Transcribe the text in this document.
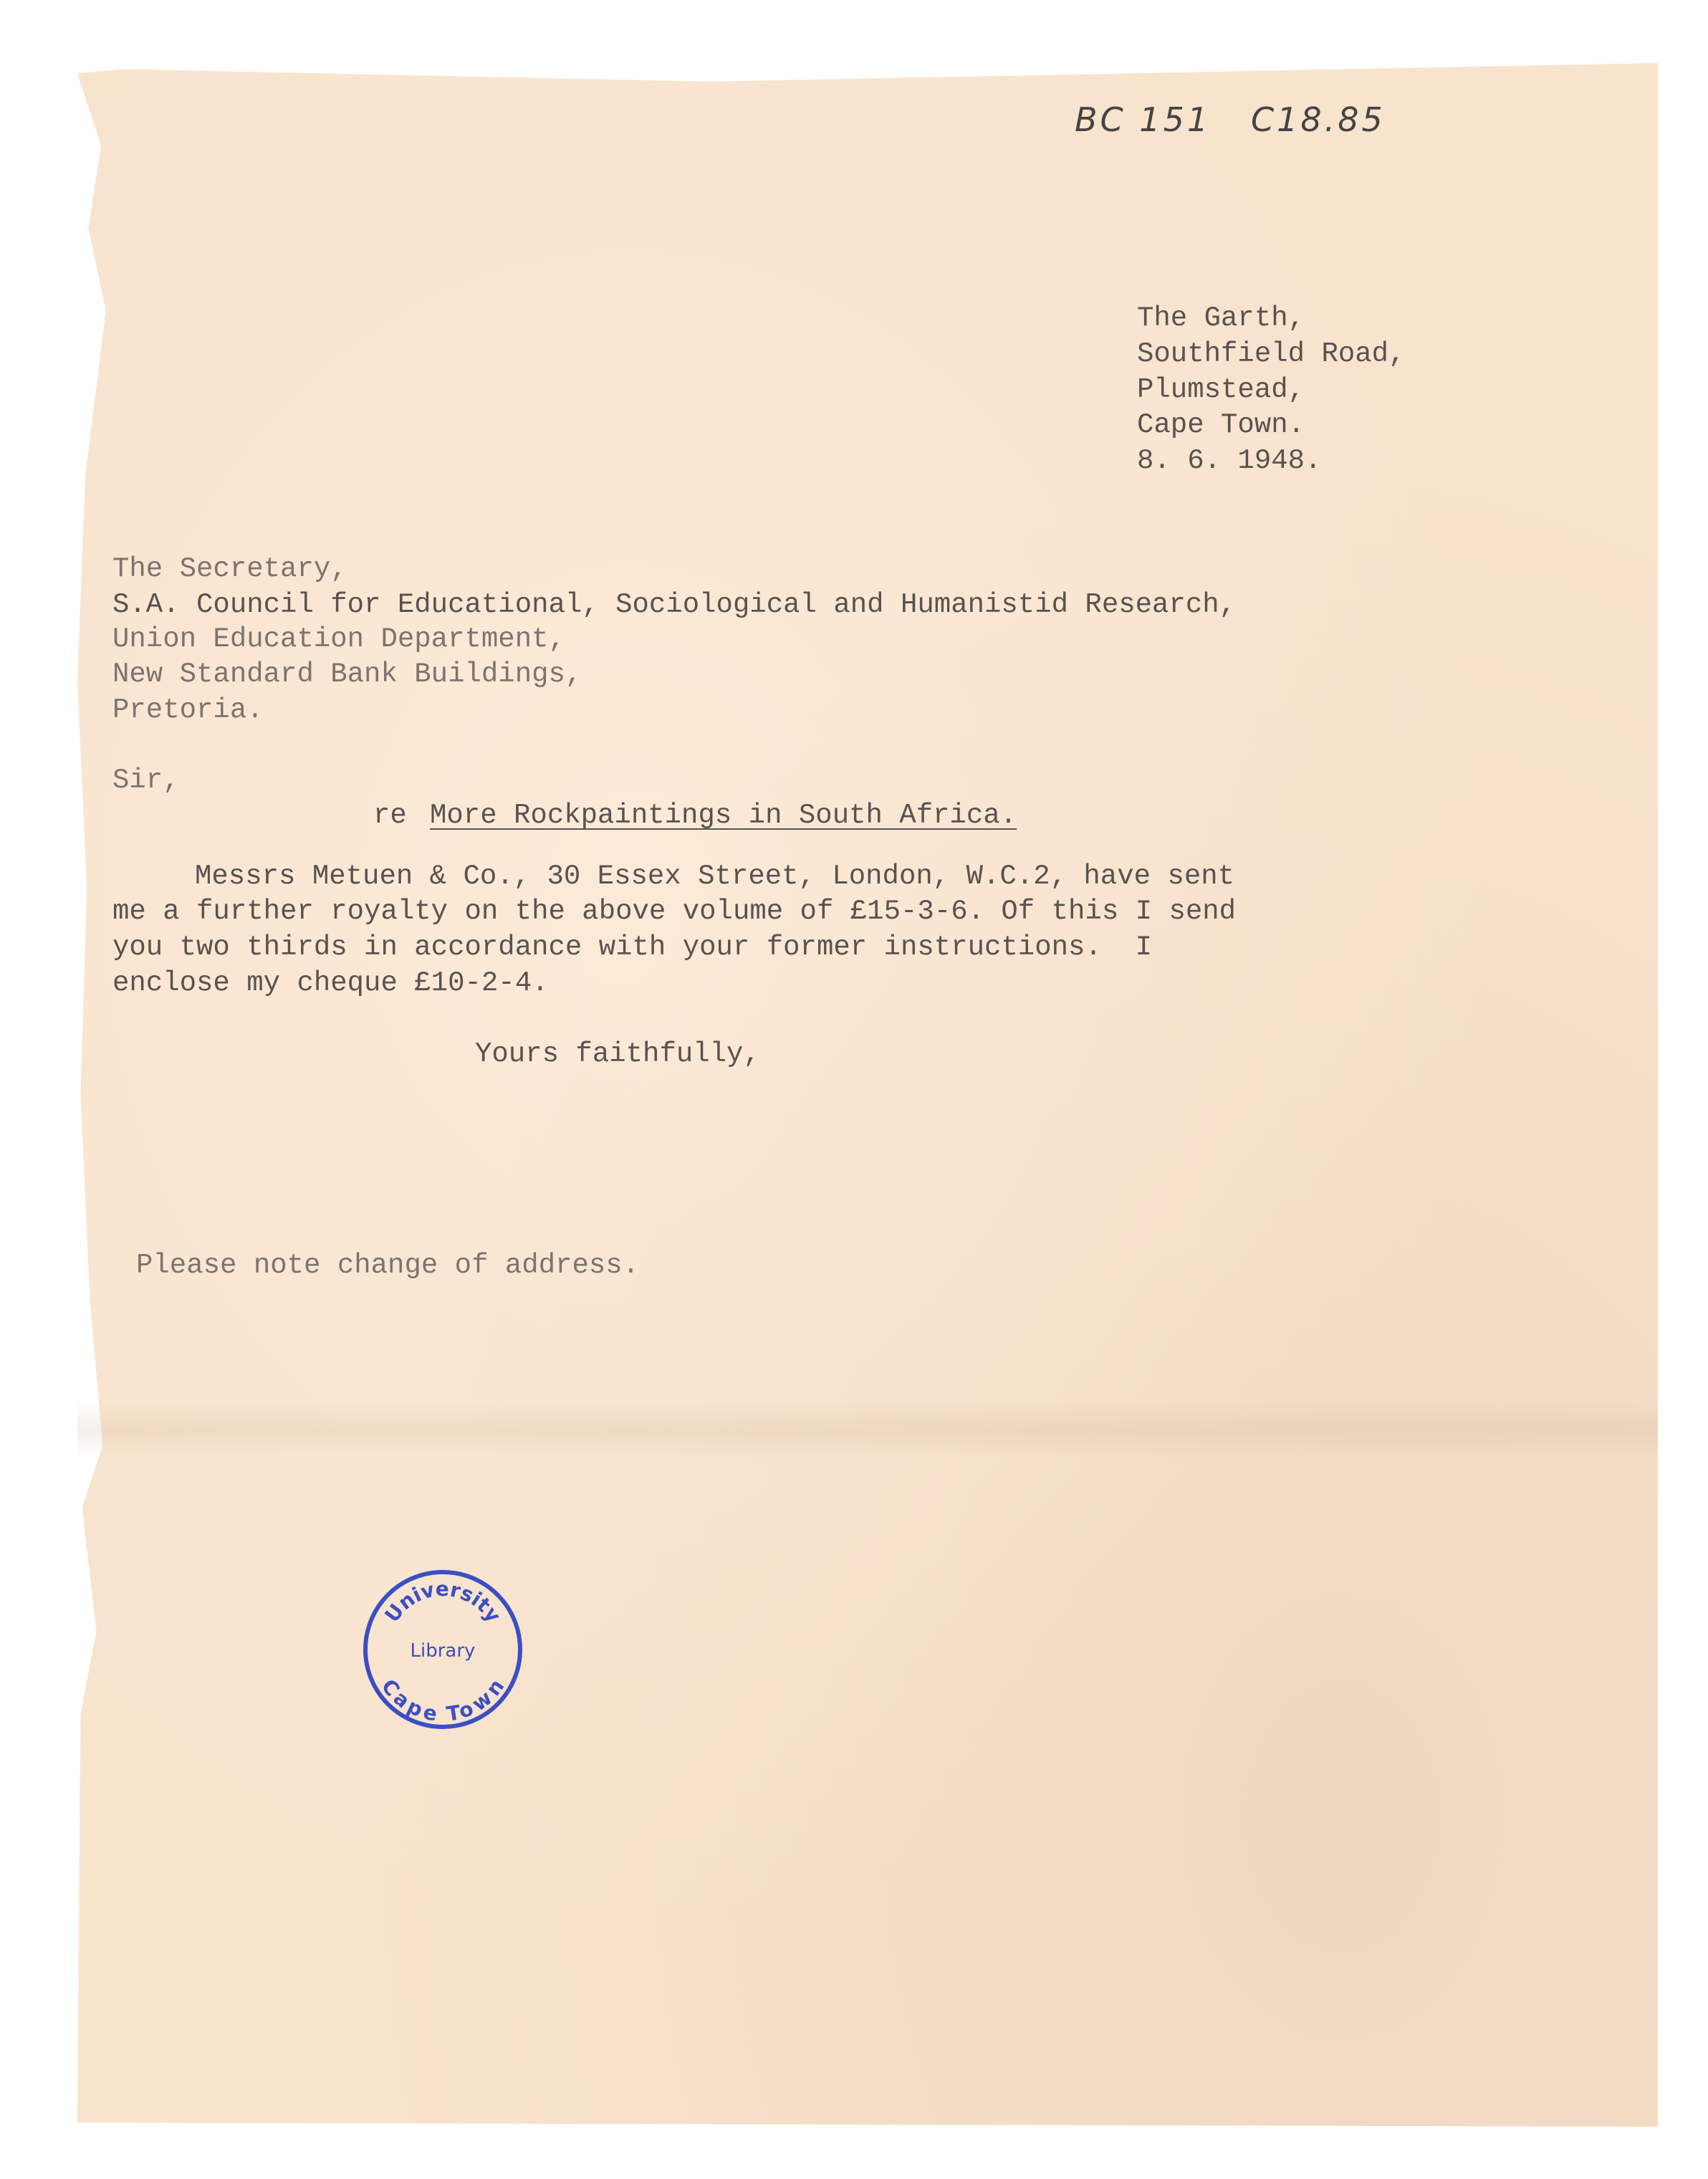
BC 151   C18.85
The Garth,
Southfield Road,
Plumstead,
Cape Town.
8. 6. 1948.
The Secretary,
S.A. Council for Educational, Sociological and Humanistid Research,
Union Education Department,
New Standard Bank Buildings,
Pretoria.
Sir,
re More Rockpaintings in South Africa.
Messrs Metuen & Co., 30 Essex Street, London, W.C.2, have sent
me a further royalty on the above volume of £15-3-6. Of this I send
you two thirds in accordance with your former instructions.  I
enclose my cheque £10-2-4.
Yours faithfully,
Please note change of address.
University
Library
Cape Town
